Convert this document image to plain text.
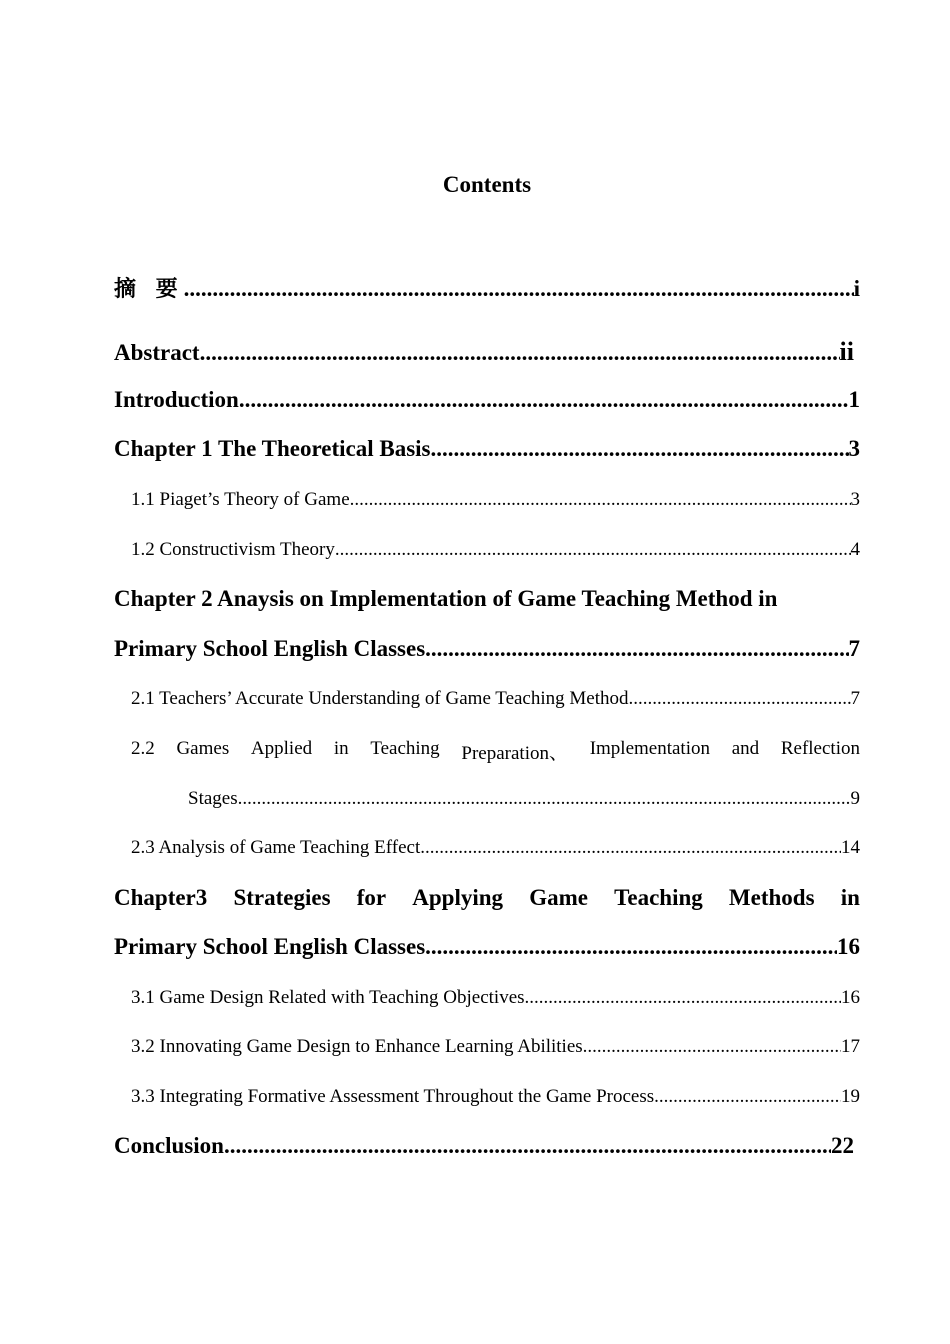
Contents
摘 要 .....	i
Abstract .....	ii
Introduction .....	1
Chapter 1 The Theoretical Basis .....	3
1.1 Piaget’s Theory of Game .....	3
1.2 Constructivism Theory .....	4
Chapter 2 Anaysis on Implementation of Game Teaching Method in
Primary School English Classes .....	7
2.1 Teachers’ Accurate Understanding of Game Teaching Method .....	7
2.2 Games Applied in Teaching Preparation、 Implementation and Reflection
Stages .....	9
2.3 Analysis of Game Teaching Effect .....	14
Chapter3 Strategies for Applying Game Teaching Methods in
Primary School English Classes .....	16
3.1 Game Design Related with Teaching Objectives .....	16
3.2 Innovating Game Design to Enhance Learning Abilities .....	17
3.3 Integrating Formative Assessment Throughout the Game Process .....	19
Conclusion .....	22
